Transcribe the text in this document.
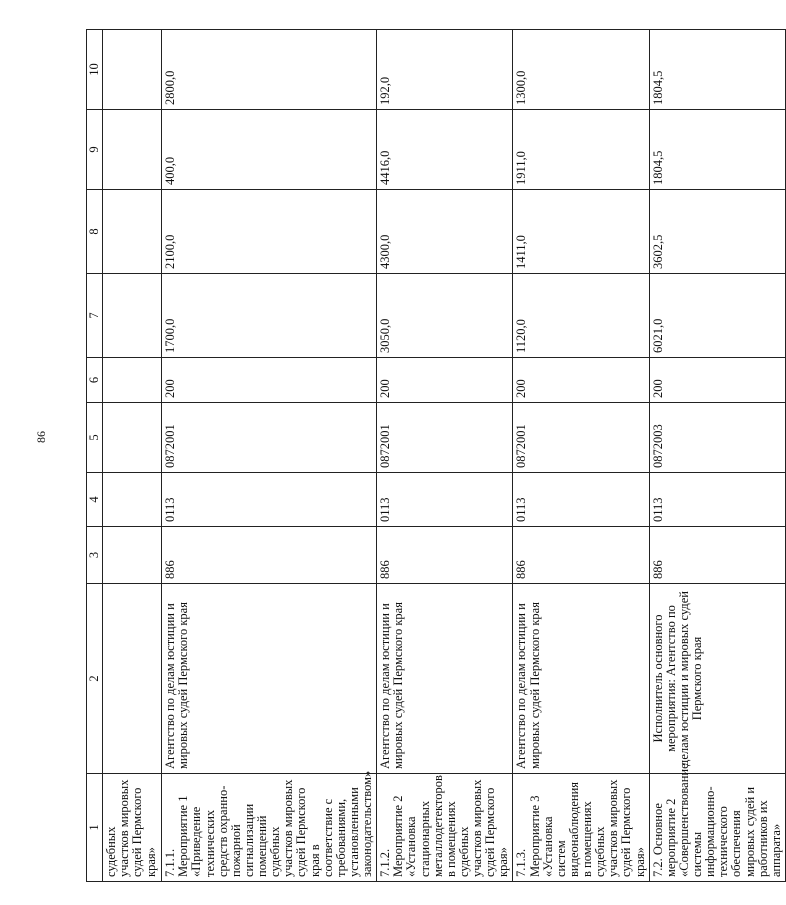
86
1	2	3	4	5	6	7	8	9	10
судебных участков мировых судей Пермского края»									
7.1.1. Мероприятие 1 «Приведение технических средств охранно-пожарной сигнализации помещений судебных участков мировых судей Пермского края в соответствие с требованиями, установленными законодательством»	Агентство по делам юстиции и мировых судей Пермского края	886	0113	0872001	200	1700,0	2100,0	400,0	2800,0
7.1.2. Мероприятие 2 «Установка стационарных металлодетекторов в помещениях судебных участков мировых судей Пермского края»	Агентство по делам юстиции и мировых судей Пермского края	886	0113	0872001	200	3050,0	4300,0	4416,0	192,0
7.1.3. Мероприятие 3 «Установка систем видеонаблюдения в помещениях судебных участков мировых судей Пермского края»	Агентство по делам юстиции и мировых судей Пермского края	886	0113	0872001	200	1120,0	1411,0	1911,0	1300,0
7.2. Основное мероприятие 2 «Совершенствование системы информационно-технического обеспечения мировых судей и работников их аппарата»	Исполнитель основного мероприятия: Агентство по делам юстиции и мировых судей Пермского края	886	0113	0872003	200	6021,0	3602,5	1804,5	1804,5
